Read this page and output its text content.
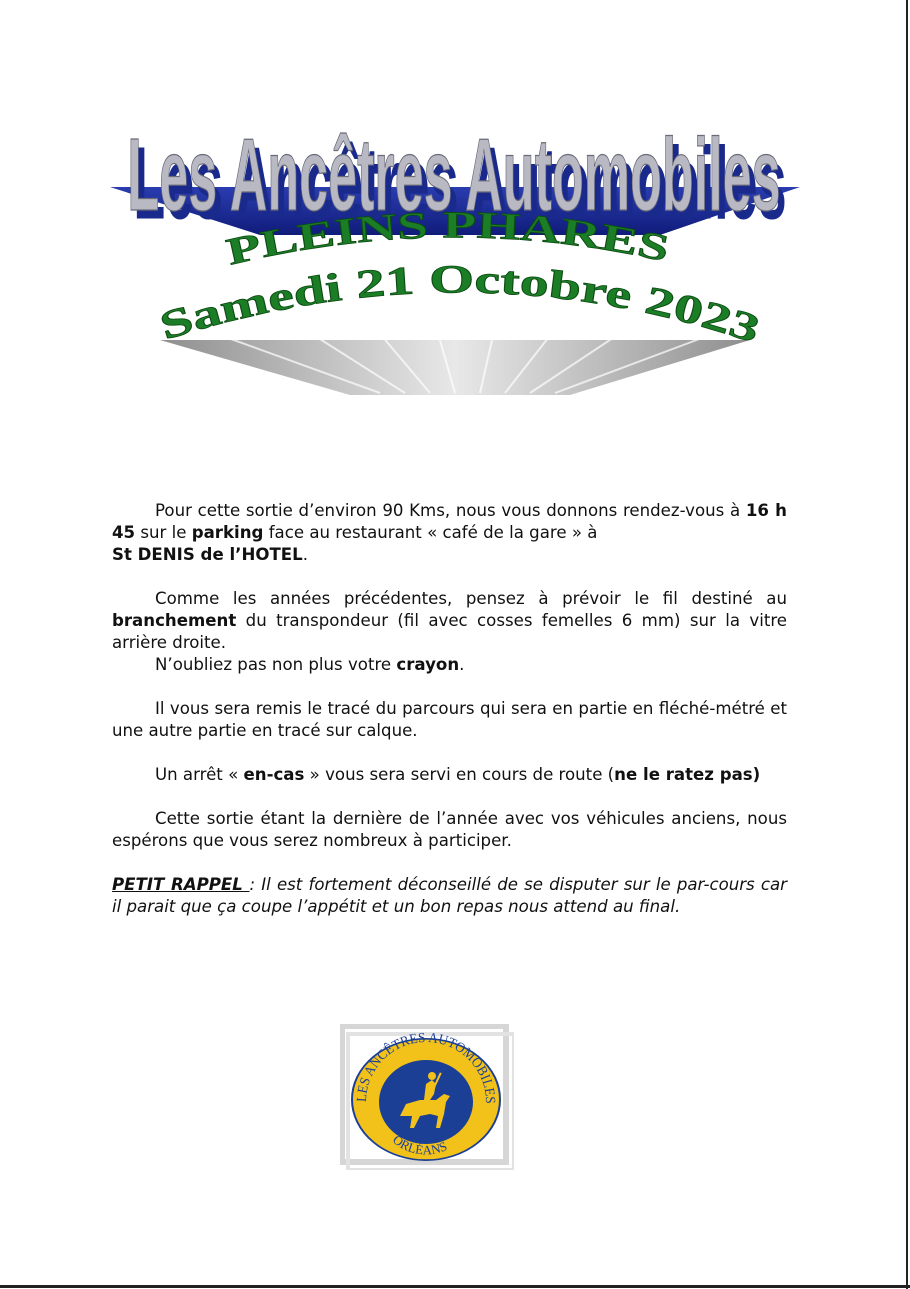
Les Ancêtres Automobiles
Les Ancêtres Automobiles
PLEINS PHARES
Samedi 21 Octobre 2023

Pour cette sortie d’environ 90 Kms, nous vous donnons rendez-vous à 16 h 45 sur le parking face au restaurant « café de la gare » à
St DENIS de l’HOTEL.

Comme les années précédentes, pensez à prévoir le fil destiné au branchement du transpondeur (fil avec cosses femelles 6 mm) sur la vitre arrière droite.

N’oubliez pas non plus votre crayon.

Il vous sera remis le tracé du parcours qui sera en partie en fléché-métré et une autre partie en tracé sur calque.

Un arrêt « en-cas » vous sera servi en cours de route (ne le ratez pas)

Cette sortie étant la dernière de l’année avec vos véhicules anciens, nous espérons que vous serez nombreux à participer.

PETIT RAPPEL : Il est fortement déconseillé de se disputer sur le par-cours car il parait que ça coupe l’appétit et un bon repas nous attend au final.

LES ANCÊTRES AUTOMOBILES
ORLÉANS
